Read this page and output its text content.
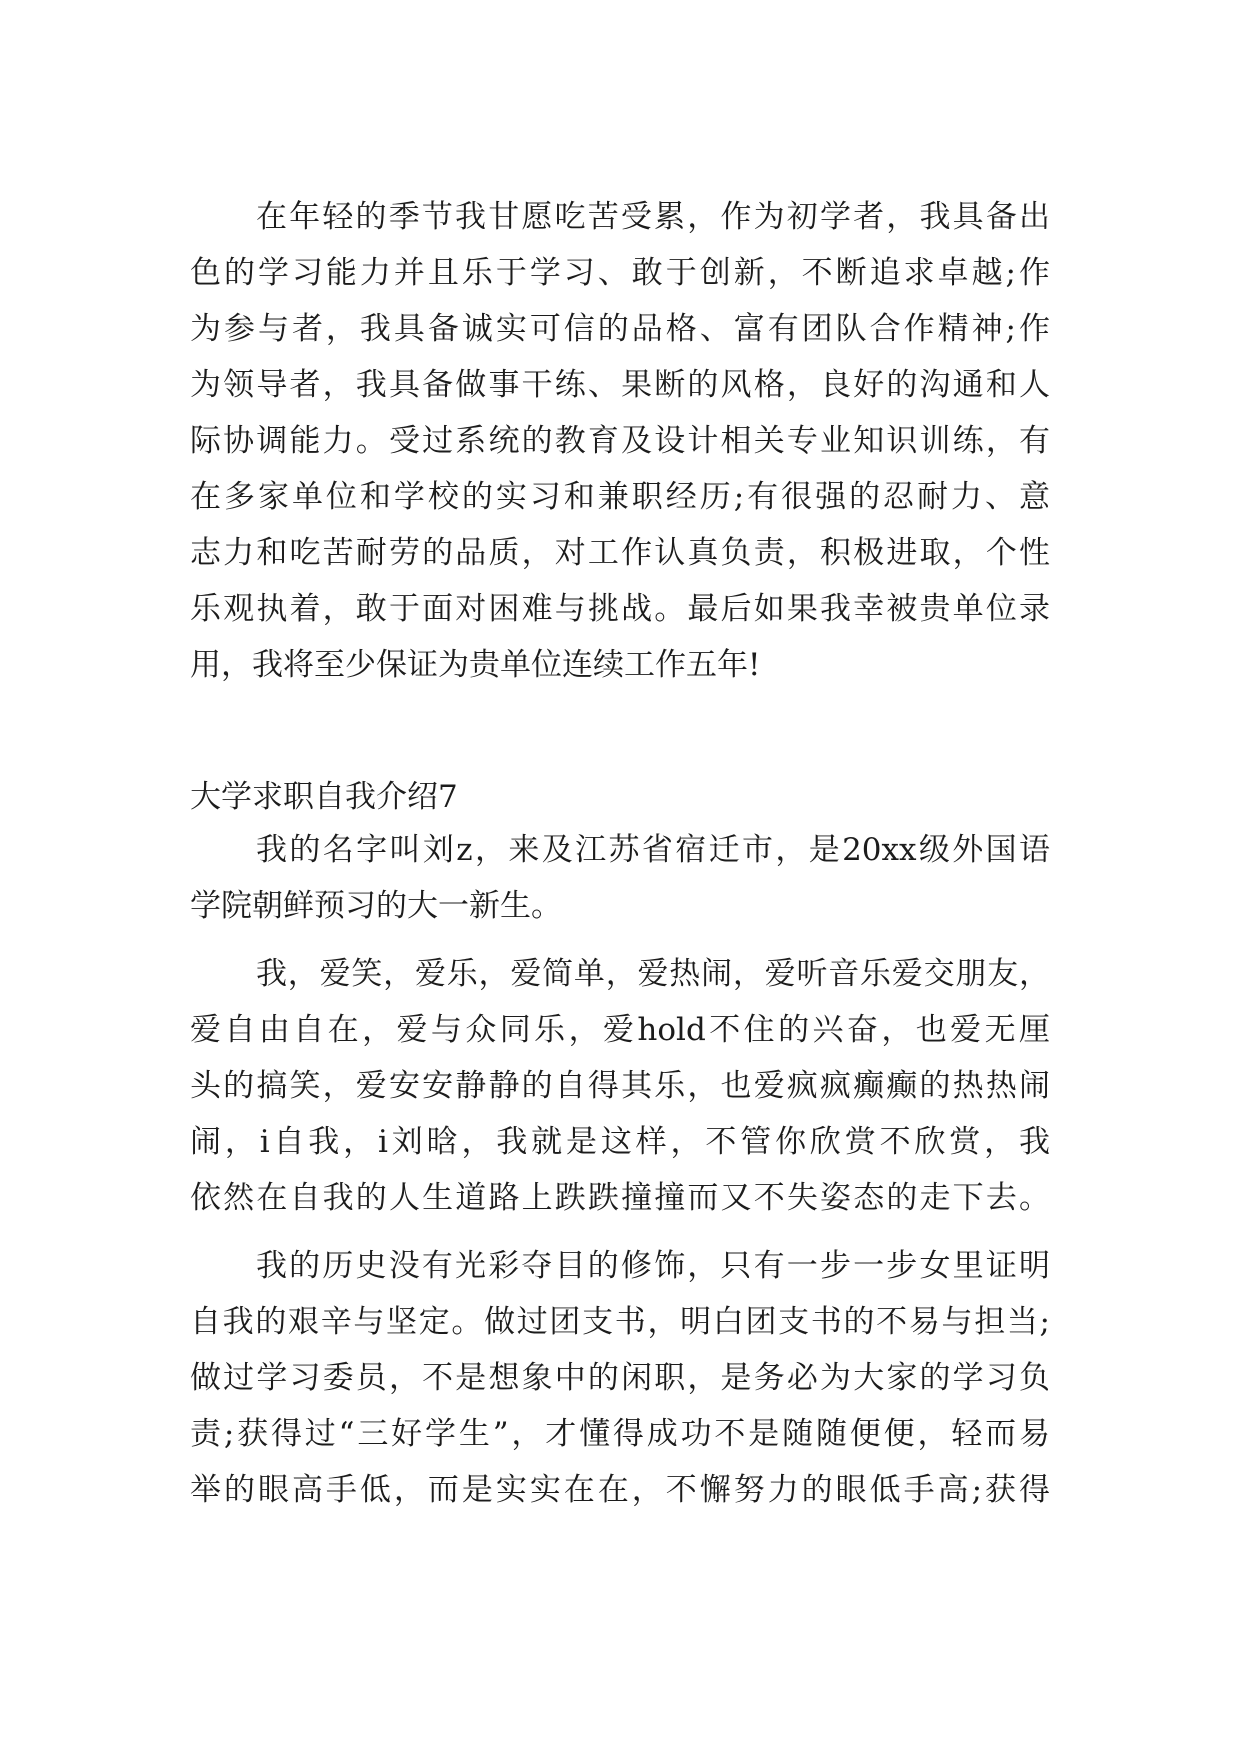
在年轻的季节我甘愿吃苦受累，作为初学者，我具备出
色的学习能力并且乐于学习、敢于创新，不断追求卓越;作
为参与者，我具备诚实可信的品格、富有团队合作精神;作
为领导者，我具备做事干练、果断的风格，良好的沟通和人
际协调能力。受过系统的教育及设计相关专业知识训练，有
在多家单位和学校的实习和兼职经历;有很强的忍耐力、意
志力和吃苦耐劳的品质，对工作认真负责，积极进取，个性
乐观执着，敢于面对困难与挑战。最后如果我幸被贵单位录
用，我将至少保证为贵单位连续工作五年!
大学求职自我介绍7
我的名字叫刘z，来及江苏省宿迁市，是20xx级外国语
学院朝鲜预习的大一新生。
我，爱笑，爱乐，爱简单，爱热闹，爱听音乐爱交朋友，
爱自由自在，爱与众同乐，爱hold不住的兴奋，也爱无厘
头的搞笑，爱安安静静的自得其乐，也爱疯疯癫癫的热热闹
闹，i自我，i刘晗，我就是这样，不管你欣赏不欣赏，我
依然在自我的人生道路上跌跌撞撞而又不失姿态的走下去。
我的历史没有光彩夺目的修饰，只有一步一步女里证明
自我的艰辛与坚定。做过团支书，明白团支书的不易与担当;
做过学习委员，不是想象中的闲职，是务必为大家的学习负
责;获得过“三好学生”，才懂得成功不是随随便便，轻而易
举的眼高手低，而是实实在在，不懈努力的眼低手高;获得
